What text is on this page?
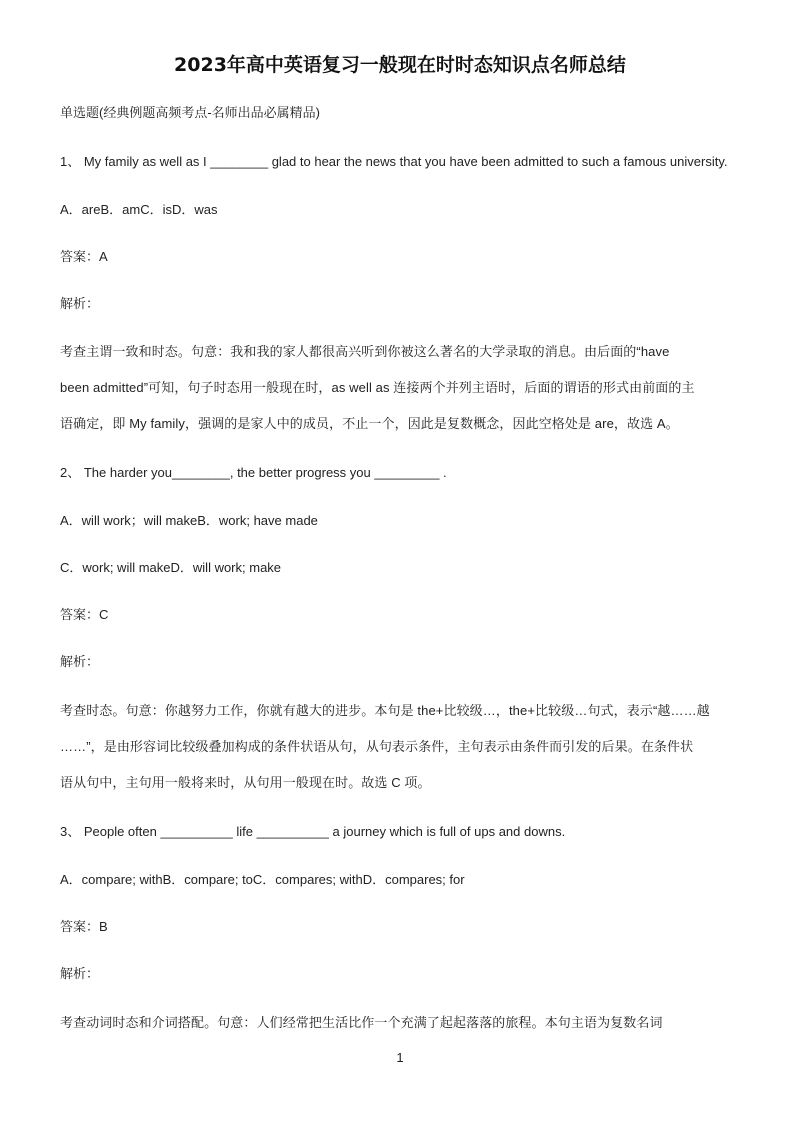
2023年高中英语复习一般现在时时态知识点名师总结
单选题(经典例题高频考点-名师出品必属精品)
1、 My family as well as I ________ glad to hear the news that you have been admitted to such a famous university.
A．areB．amC．isD．was
答案：A
解析：
考查主谓一致和时态。句意：我和我的家人都很高兴听到你被这么著名的大学录取的消息。由后面的“have
been admitted”可知，句子时态用一般现在时，as well as 连接两个并列主语时，后面的谓语的形式由前面的主
语确定，即 My family，强调的是家人中的成员，不止一个，因此是复数概念，因此空格处是 are，故选 A。
2、 The harder you________, the better progress you _________ .
A．will work；will makeB．work; have made
C．work; will makeD．will work; make
答案：C
解析：
考查时态。句意：你越努力工作，你就有越大的进步。本句是 the+比较级…，the+比较级…句式，表示“越……越
……”，是由形容词比较级叠加构成的条件状语从句，从句表示条件，主句表示由条件而引发的后果。在条件状
语从句中，主句用一般将来时，从句用一般现在时。故选 C 项。
3、 People often __________ life __________ a journey which is full of ups and downs.
A．compare; withB．compare; toC．compares; withD．compares; for
答案：B
解析：
考查动词时态和介词搭配。句意：人们经常把生活比作一个充满了起起落落的旅程。本句主语为复数名词
1
